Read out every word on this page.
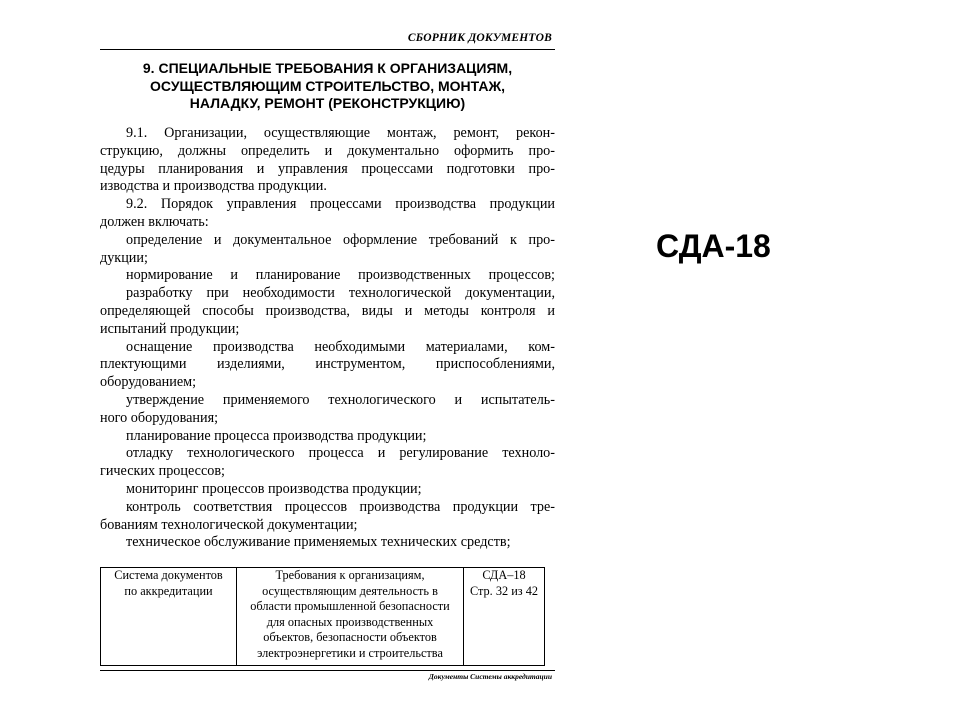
СБОРНИК ДОКУМЕНТОВ
9. СПЕЦИАЛЬНЫЕ ТРЕБОВАНИЯ К ОРГАНИЗАЦИЯМ,
ОСУЩЕСТВЛЯЮЩИМ СТРОИТЕЛЬСТВО, МОНТАЖ,
НАЛАДКУ, РЕМОНТ (РЕКОНСТРУКЦИЮ)
9.1. Организации, осуществляющие монтаж, ремонт, рекон-
струкцию, должны определить и документально оформить про-
цедуры планирования и управления процессами подготовки про-
изводства и производства продукции.
9.2. Порядок управления процессами производства продукции
должен включать:
определение и документальное оформление требований к про-
дукции;
нормирование и планирование производственных процессов;
разработку при необходимости технологической документации,
определяющей способы производства, виды и методы контроля и
испытаний продукции;
оснащение производства необходимыми материалами, ком-
плектующими изделиями, инструментом, приспособлениями,
оборудованием;
утверждение применяемого технологического и испытатель-
ного оборудования;
планирование процесса производства продукции;
отладку технологического процесса и регулирование техноло-
гических процессов;
мониторинг процессов производства продукции;
контроль соответствия процессов производства продукции тре-
бованиям технологической документации;
техническое обслуживание применяемых технических средств;
Система документов
по аккредитации

Требования к организациям,
осуществляющим деятельность в
области промышленной безопасности
для опасных производственных
объектов, безопасности объектов
электроэнергетики и строительства

СДА–18
Стр. 32 из 42
Документы Системы аккредитации
СДА-18
